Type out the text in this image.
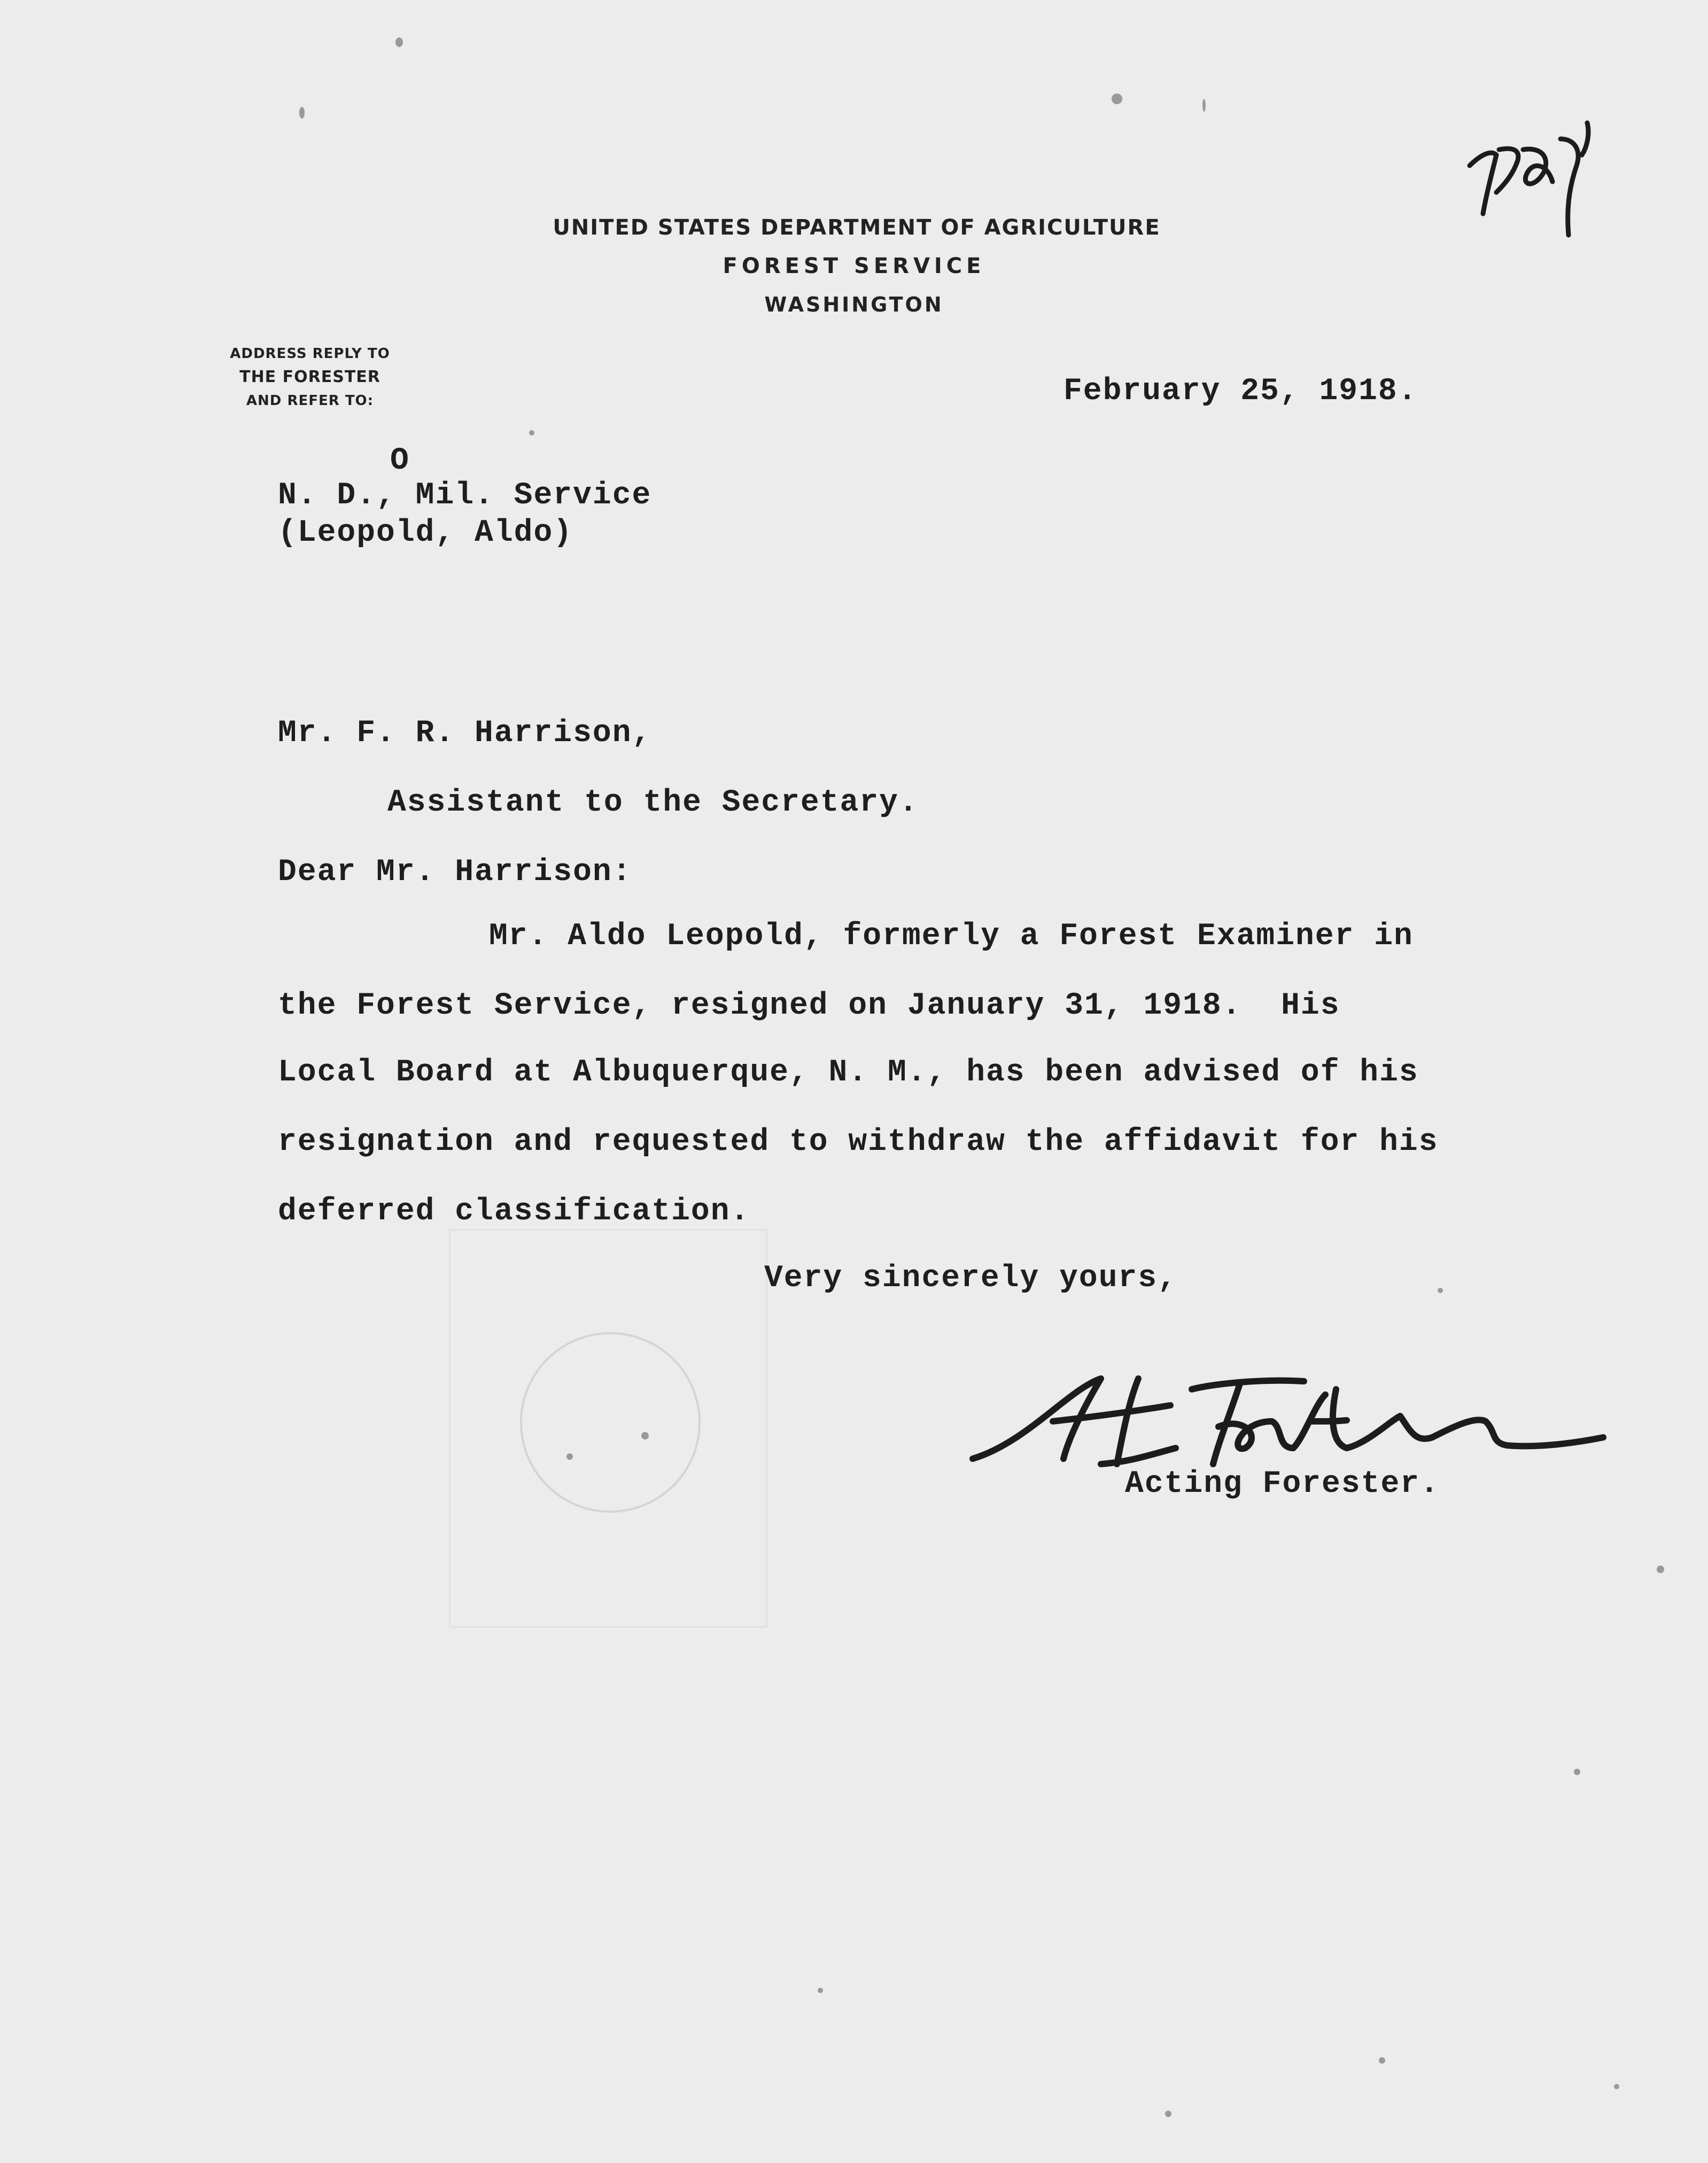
UNITED STATES DEPARTMENT OF AGRICULTURE
FOREST SERVICE
WASHINGTON
ADDRESS REPLY TO
THE FORESTER
AND REFER TO:	February 25, 1918.
O
N. D., Mil. Service
(Leopold, Aldo)
Mr. F. R. Harrison,
Assistant to the Secretary.
Dear Mr. Harrison:
Mr. Aldo Leopold, formerly a Forest Examiner in
the Forest Service, resigned on January 31, 1918.  His
Local Board at Albuquerque, N. M., has been advised of his
resignation and requested to withdraw the affidavit for his
deferred classification.
Very sincerely yours,
Acting Forester.
